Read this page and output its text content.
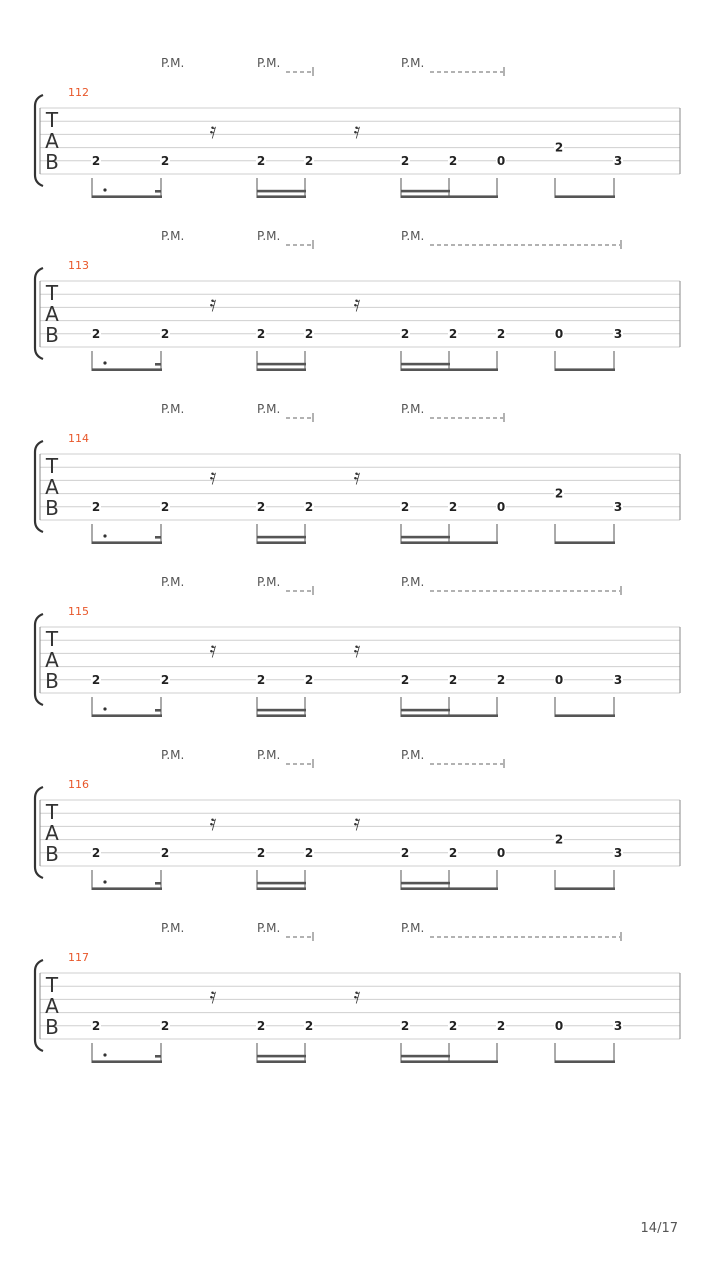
P.M.	P.M.	P.M.
112
T
A
B
𝄿	𝄿
2	2	2	2	2	2	0
2
3
P.M.	P.M.	P.M.
113
T
A
B
𝄿	𝄿
2	2	2	2	2	2	2	0	3
P.M.	P.M.	P.M.
114
T
A
B
𝄿	𝄿
2	2	2	2	2	2	0
2
3
P.M.	P.M.	P.M.
115
T
A
B
𝄿	𝄿
2	2	2	2	2	2	2	0	3
P.M.	P.M.	P.M.
116
T
A
B
𝄿	𝄿
2	2	2	2	2	2	0
2
3
P.M.	P.M.	P.M.
117
T
A
B
𝄿	𝄿
2	2	2	2	2	2	2	0	3
14/17
